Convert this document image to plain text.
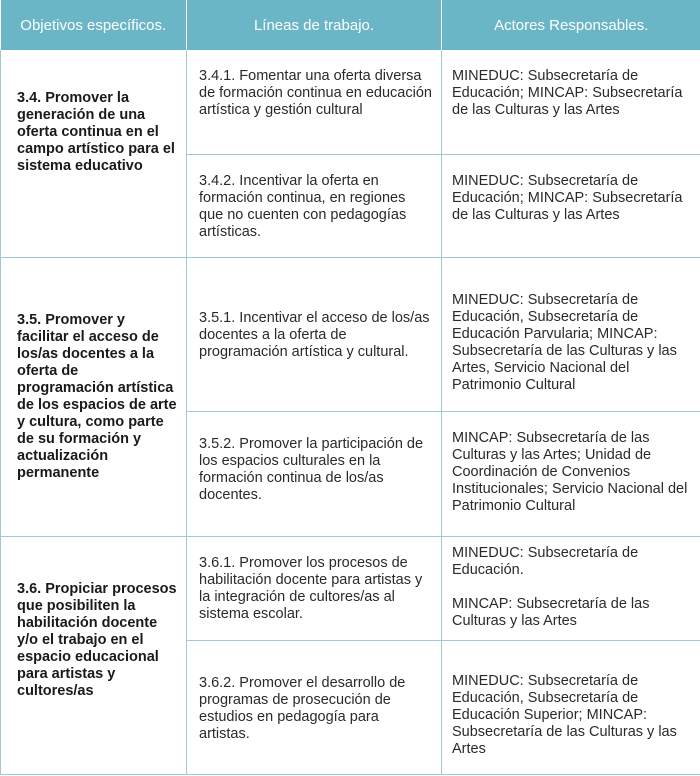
Objetivos específicos.	Líneas de trabajo.	Actores Responsables.
3.4. Promover la generación de una oferta continua en el campo artístico para el sistema educativo	3.4.1. Fomentar una oferta diversa de formación continua en educación artística y gestión cultural	MINEDUC: Subsecretaría de Educación; MINCAP: Subsecretaría de las Culturas y las Artes
	3.4.2. Incentivar la oferta en formación continua, en regiones que no cuenten con pedagogías artísticas.	MINEDUC: Subsecretaría de Educación; MINCAP: Subsecretaría de las Culturas y las Artes
3.5. Promover y facilitar el acceso de los/as docentes a la oferta de programación artística de los espacios de arte y cultura, como parte de su formación y actualización permanente	3.5.1. Incentivar el acceso de los/as docentes a la oferta de programación artística y cultural.	MINEDUC: Subsecretaría de Educación, Subsecretaría de Educación Parvularia; MINCAP: Subsecretaría de las Culturas y las Artes, Servicio Nacional del Patrimonio Cultural
	3.5.2. Promover la participación de los espacios culturales en la formación continua de los/as docentes.	MINCAP: Subsecretaría de las Culturas y las Artes; Unidad de Coordinación de Convenios Institucionales; Servicio Nacional del Patrimonio Cultural
3.6. Propiciar procesos que posibiliten la habilitación docente y/o el trabajo en el espacio educacional para artistas y cultores/as	3.6.1. Promover los procesos de habilitación docente para artistas y la integración de cultores/as al sistema escolar.	MINEDUC: Subsecretaría de Educación.
MINCAP: Subsecretaría de las Culturas y las Artes
	3.6.2. Promover el desarrollo de programas de prosecución de estudios en pedagogía para artistas.	MINEDUC: Subsecretaría de Educación, Subsecretaría de Educación Superior; MINCAP: Subsecretaría de las Culturas y las Artes
